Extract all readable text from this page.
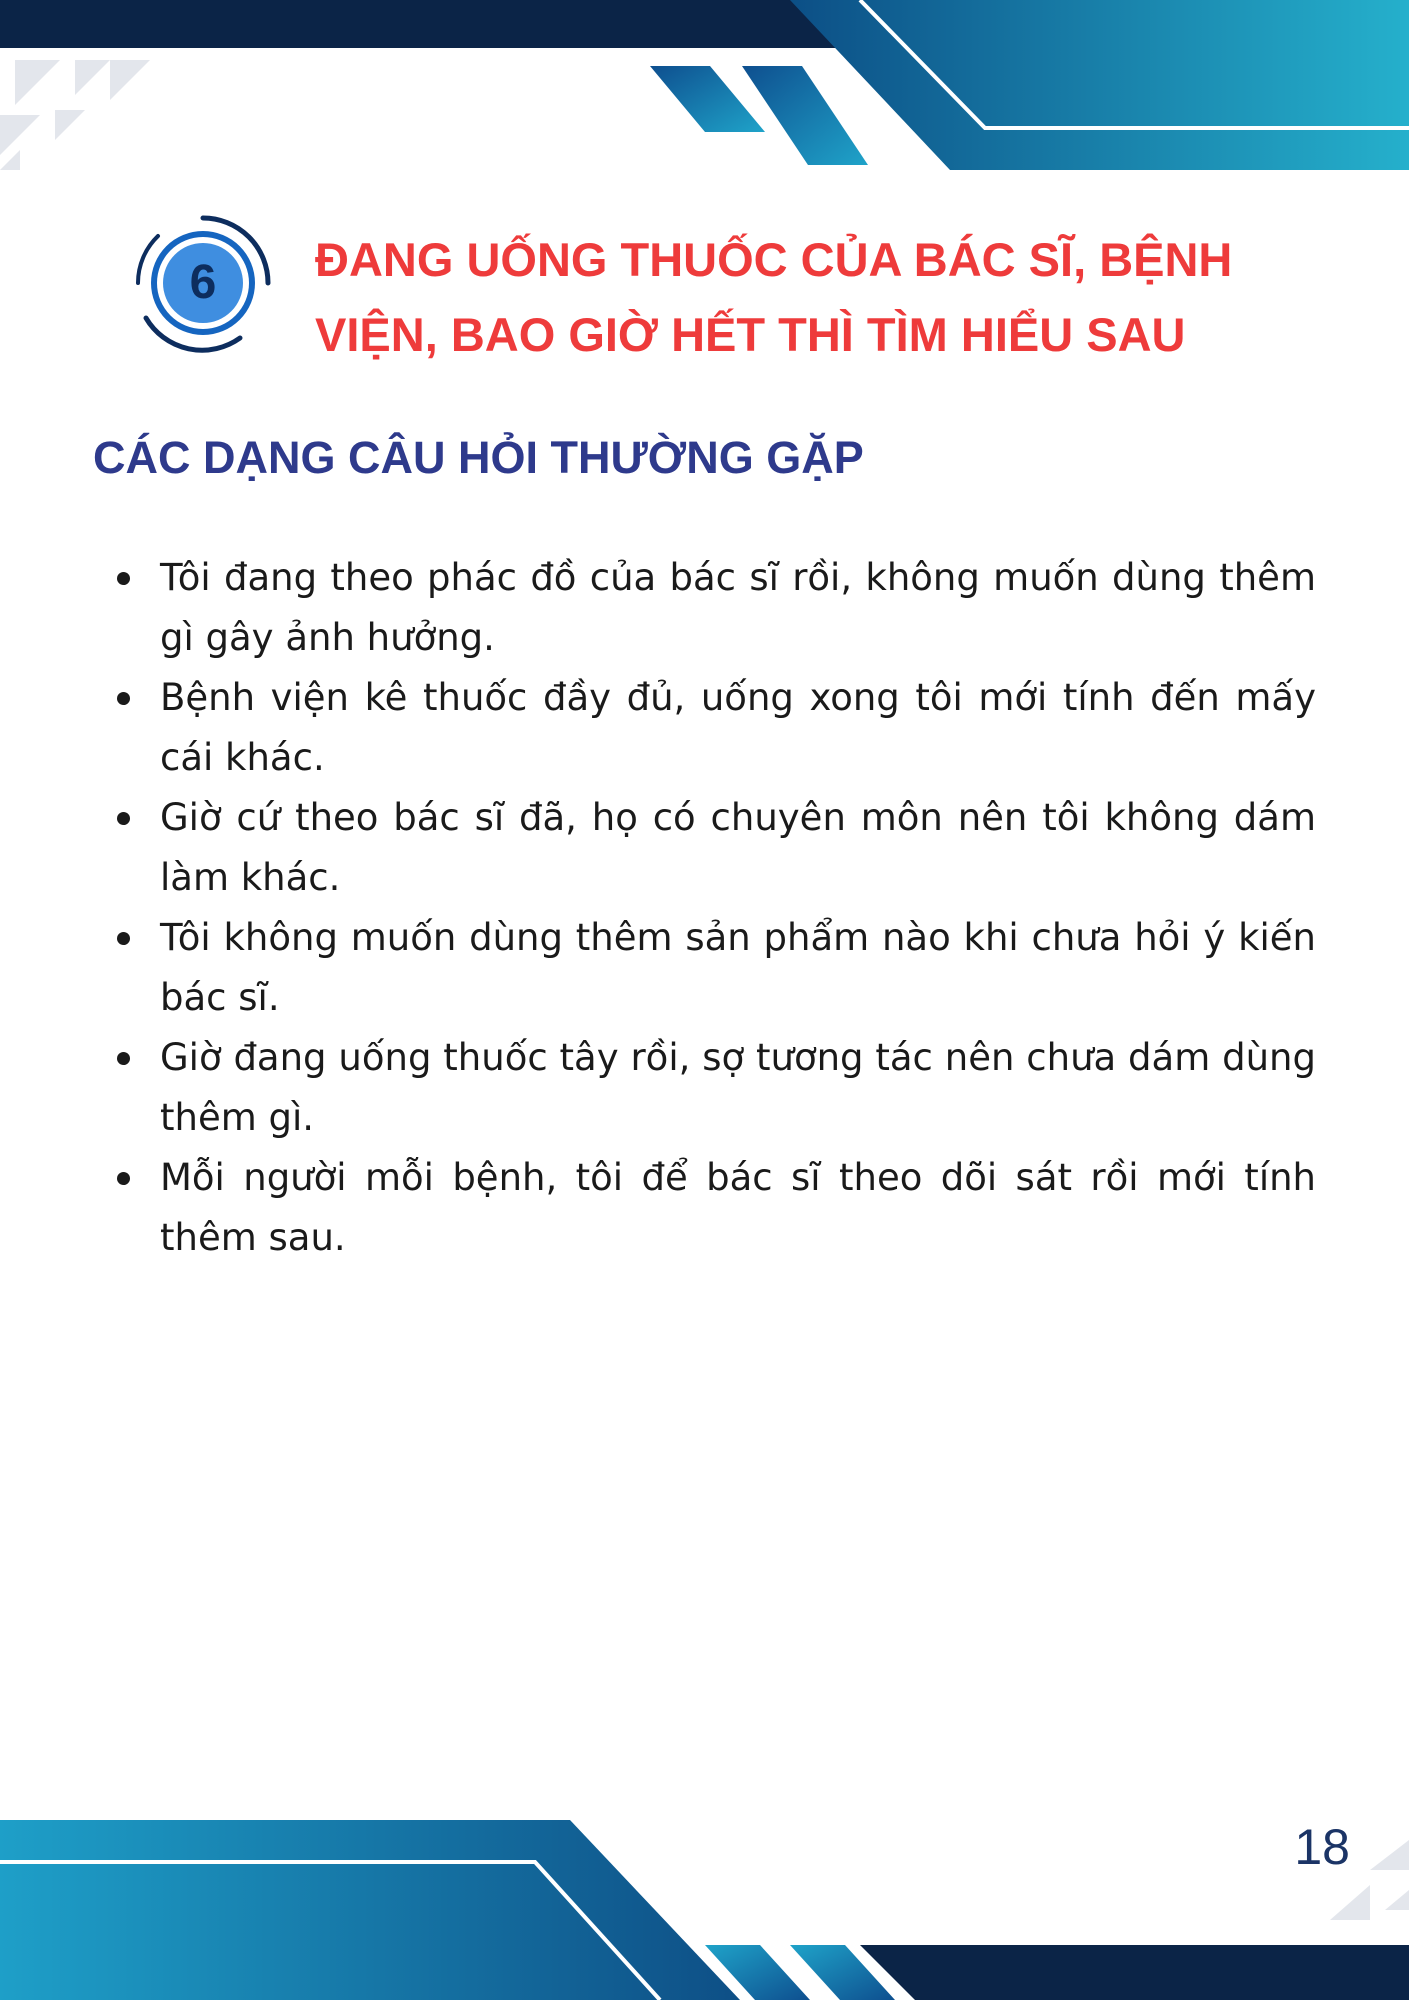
6	ĐANG UỐNG THUỐC CỦA BÁC SĨ, BỆNH VIỆN, BAO GIỜ HẾT THÌ TÌM HIỂU SAU
CÁC DẠNG CÂU HỎI THƯỜNG GẶP
Tôi đang theo phác đồ của bác sĩ rồi, không muốn dùng thêm gì gây ảnh hưởng.
Bệnh viện kê thuốc đầy đủ, uống xong tôi mới tính đến mấy cái khác.
Giờ cứ theo bác sĩ đã, họ có chuyên môn nên tôi không dám làm khác.
Tôi không muốn dùng thêm sản phẩm nào khi chưa hỏi ý kiến bác sĩ.
Giờ đang uống thuốc tây rồi, sợ tương tác nên chưa dám dùng thêm gì.
Mỗi người mỗi bệnh, tôi để bác sĩ theo dõi sát rồi mới tính thêm sau.
18
